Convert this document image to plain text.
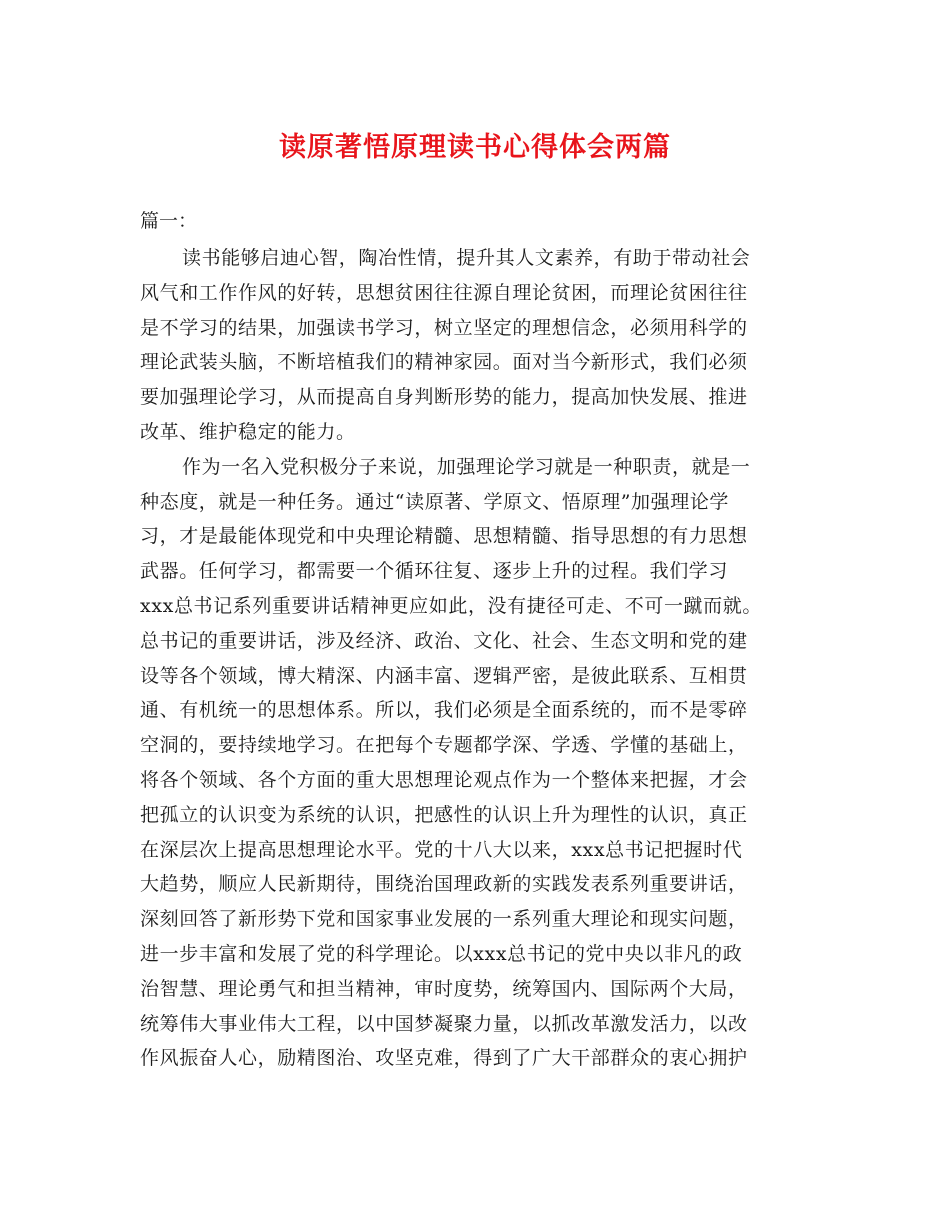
读原著悟原理读书心得体会两篇

篇一：

读书能够启迪心智，陶冶性情，提升其人文素养，有助于带动社会
风气和工作作风的好转，思想贫困往往源自理论贫困，而理论贫困往往
是不学习的结果，加强读书学习，树立坚定的理想信念，必须用科学的
理论武装头脑，不断培植我们的精神家园。面对当今新形式，我们必须
要加强理论学习，从而提高自身判断形势的能力，提高加快发展、推进
改革、维护稳定的能力。

作为一名入党积极分子来说，加强理论学习就是一种职责，就是一
种态度，就是一种任务。通过“读原著、学原文、悟原理”加强理论学
习，才是最能体现党和中央理论精髓、思想精髓、指导思想的有力思想
武器。任何学习，都需要一个循环往复、逐步上升的过程。我们学习
xxx总书记系列重要讲话精神更应如此，没有捷径可走、不可一蹴而就。
总书记的重要讲话，涉及经济、政治、文化、社会、生态文明和党的建
设等各个领域，博大精深、内涵丰富、逻辑严密，是彼此联系、互相贯
通、有机统一的思想体系。所以，我们必须是全面系统的，而不是零碎
空洞的，要持续地学习。在把每个专题都学深、学透、学懂的基础上，
将各个领域、各个方面的重大思想理论观点作为一个整体来把握，才会
把孤立的认识变为系统的认识，把感性的认识上升为理性的认识，真正
在深层次上提高思想理论水平。党的十八大以来，xxx总书记把握时代
大趋势，顺应人民新期待，围绕治国理政新的实践发表系列重要讲话，
深刻回答了新形势下党和国家事业发展的一系列重大理论和现实问题，
进一步丰富和发展了党的科学理论。以xxx总书记的党中央以非凡的政
治智慧、理论勇气和担当精神，审时度势，统筹国内、国际两个大局，
统筹伟大事业伟大工程，以中国梦凝聚力量，以抓改革激发活力，以改
作风振奋人心，励精图治、攻坚克难，得到了广大干部群众的衷心拥护
